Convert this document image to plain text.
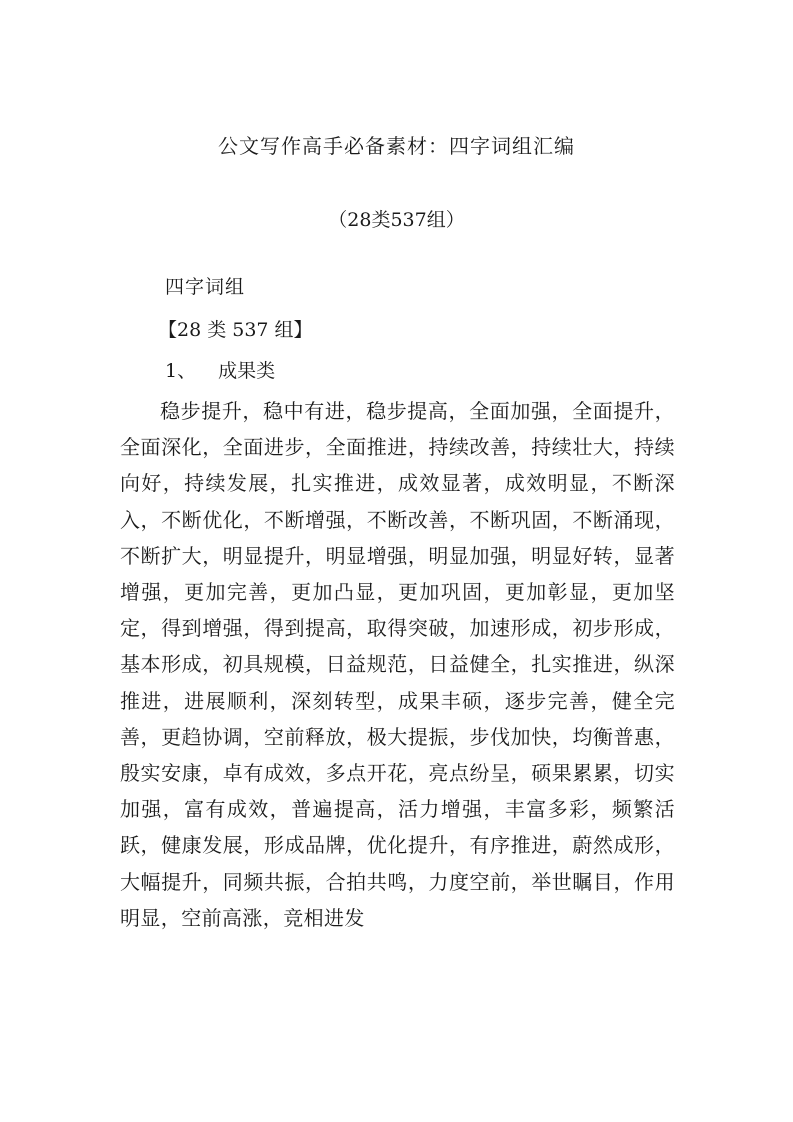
公文写作高手必备素材：四字词组汇编
（28类537组）
四字词组
【28 类 537 组】
1、 成果类
稳步提升，稳中有进，稳步提高，全面加强，全面提升，全面深化，全面进步，全面推进，持续改善，持续壮大，持续向好，持续发展，扎实推进，成效显著，成效明显，不断深入，不断优化，不断增强，不断改善，不断巩固，不断涌现，不断扩大，明显提升，明显增强，明显加强，明显好转，显著增强，更加完善，更加凸显，更加巩固，更加彰显，更加坚定，得到增强，得到提高，取得突破，加速形成，初步形成，基本形成，初具规模，日益规范，日益健全，扎实推进，纵深推进，进展顺利，深刻转型，成果丰硕，逐步完善，健全完善，更趋协调，空前释放，极大提振，步伐加快，均衡普惠，殷实安康，卓有成效，多点开花，亮点纷呈，硕果累累，切实加强，富有成效，普遍提高，活力增强，丰富多彩，频繁活跃，健康发展，形成品牌，优化提升，有序推进，蔚然成形，大幅提升，同频共振，合拍共鸣，力度空前，举世瞩目，作用明显，空前高涨，竞相进发
